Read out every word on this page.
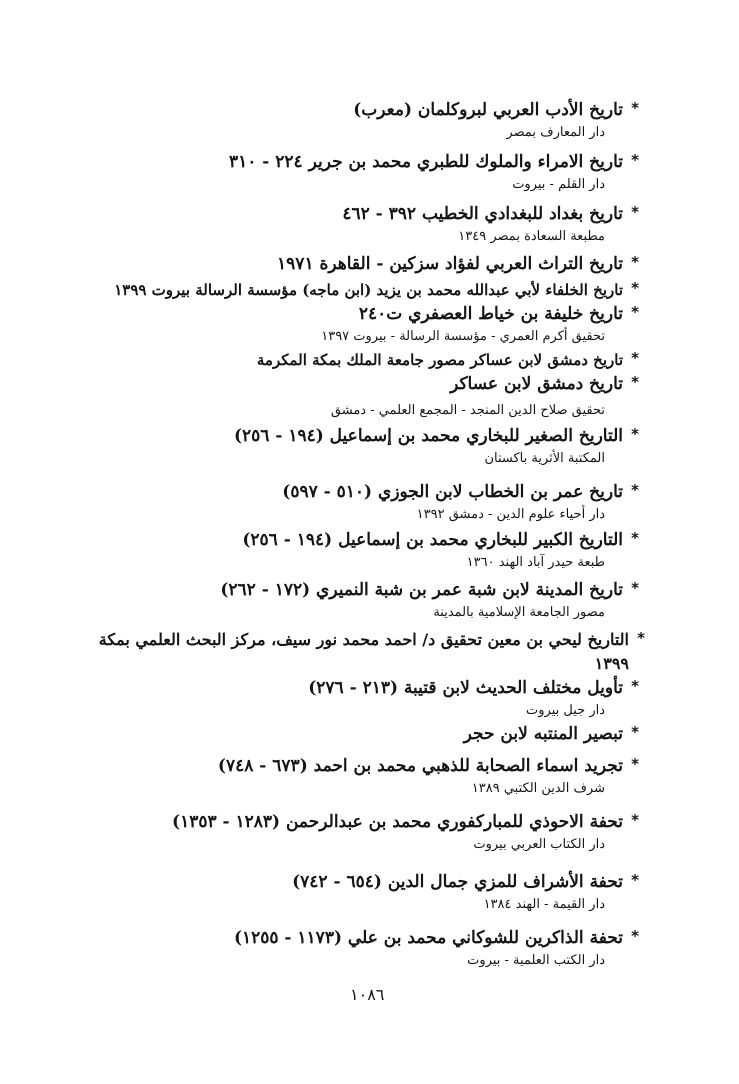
*
تاريخ الأدب العربي لبروكلمان (معرب)
دار المعارف بمصر
*
تاريخ الامراء والملوك للطبري محمد بن جرير ٢٢٤ - ٣١٠
دار القلم - بيروت
*
تاريخ بغداد للبغدادي الخطيب ٣٩٢ - ٤٦٢
مطبعة السعادة بمصر ١٣٤٩
*
تاريخ التراث العربي لفؤاد سزكين - القاهرة ١٩٧١
*
تاريخ الخلفاء لأبي عبدالله محمد بن يزيد (ابن ماجه) مؤسسة الرسالة بيروت ١٣٩٩
*
تاريخ خليفة بن خياط العصفري ت٢٤٠
تحقيق أكرم العمري - مؤسسة الرسالة - بيروت ١٣٩٧
*
تاريخ دمشق لابن عساكر مصور جامعة الملك بمكة المكرمة
*
تاريخ دمشق لابن عساكر
تحقيق صلاح الدين المنجد - المجمع العلمي - دمشق
*
التاريخ الصغير للبخاري محمد بن إسماعيل (١٩٤ - ٢٥٦)
المكتبة الأثرية باكستان
*
تاريخ عمر بن الخطاب لابن الجوزي (٥١٠ - ٥٩٧)
دار أحياء علوم الدين - دمشق ١٣٩٢
*
التاريخ الكبير للبخاري محمد بن إسماعيل (١٩٤ - ٢٥٦)
طبعة حيدر آباد الهند ١٣٦٠
*
تاريخ المدينة لابن شبة عمر بن شبة النميري (١٧٢ - ٢٦٢)
مصور الجامعة الإسلامية بالمدينة
*
التاريخ ليحي بن معين تحقيق د/ احمد محمد نور سيف، مركز البحث العلمي بمكة ١٣٩٩
*
تأويل مختلف الحديث لابن قتيبة (٢١٣ - ٢٧٦)
دار جيل بيروت
*
تبصير المنتبه لابن حجر
*
تجريد اسماء الصحابة للذهبي محمد بن احمد (٦٧٣ - ٧٤٨)
شرف الدين الكتبي ١٣٨٩
*
تحفة الاحوذي للمباركفوري محمد بن عبدالرحمن (١٢٨٣ - ١٣٥٣)
دار الكتاب العربي بيروت
*
تحفة الأشراف للمزي جمال الدين (٦٥٤ - ٧٤٢)
دار القيمة - الهند ١٣٨٤
*
تحفة الذاكرين للشوكاني محمد بن علي (١١٧٣ - ١٢٥٥)
دار الكتب العلمية - بيروت
١٠٨٦
